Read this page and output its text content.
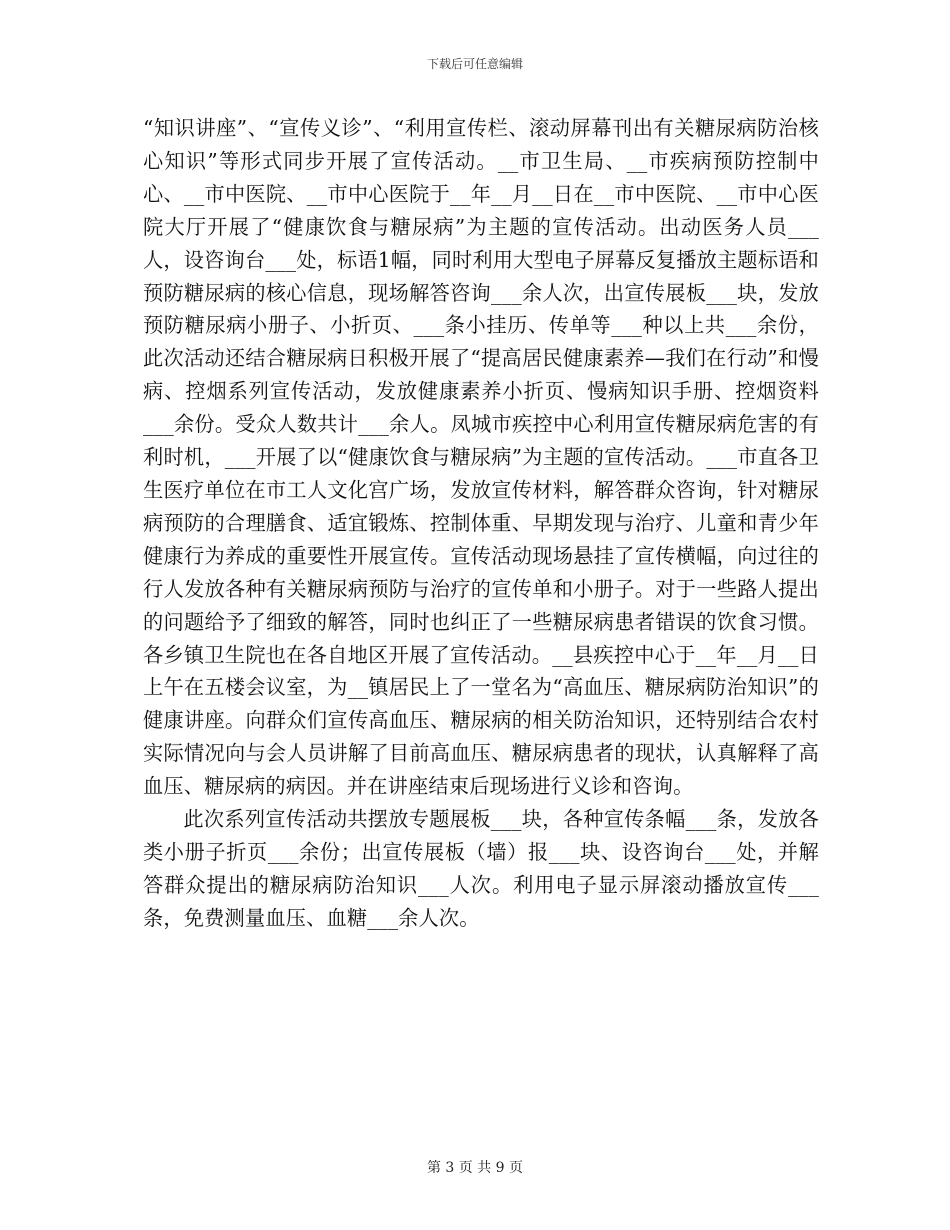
下载后可任意编辑

“知识讲座”、“宣传义诊”、“利用宣传栏、滚动屏幕刊出有关糖尿病防治核心知识”等形式同步开展了宣传活动。__市卫生局、__市疾病预防控制中心、__市中医院、__市中心医院于__年__月__日在__市中医院、__市中心医院大厅开展了“健康饮食与糖尿病”为主题的宣传活动。出动医务人员___人，设咨询台___处，标语1幅，同时利用大型电子屏幕反复播放主题标语和预防糖尿病的核心信息，现场解答咨询___余人次，出宣传展板___块，发放预防糖尿病小册子、小折页、___条小挂历、传单等___种以上共___余份，此次活动还结合糖尿病日积极开展了“提高居民健康素养—我们在行动”和慢病、控烟系列宣传活动，发放健康素养小折页、慢病知识手册、控烟资料___余份。受众人数共计___余人。凤城市疾控中心利用宣传糖尿病危害的有利时机，___开展了以“健康饮食与糖尿病”为主题的宣传活动。___市直各卫生医疗单位在市工人文化宫广场，发放宣传材料，解答群众咨询，针对糖尿病预防的合理膳食、适宜锻炼、控制体重、早期发现与治疗、儿童和青少年健康行为养成的重要性开展宣传。宣传活动现场悬挂了宣传横幅，向过往的行人发放各种有关糖尿病预防与治疗的宣传单和小册子。对于一些路人提出的问题给予了细致的解答，同时也纠正了一些糖尿病患者错误的饮食习惯。各乡镇卫生院也在各自地区开展了宣传活动。__县疾控中心于__年__月__日上午在五楼会议室，为__镇居民上了一堂名为“高血压、糖尿病防治知识”的健康讲座。向群众们宣传高血压、糖尿病的相关防治知识，还特别结合农村实际情况向与会人员讲解了目前高血压、糖尿病患者的现状，认真解释了高血压、糖尿病的病因。并在讲座结束后现场进行义诊和咨询。

此次系列宣传活动共摆放专题展板___块，各种宣传条幅___条，发放各类小册子折页___余份；出宣传展板（墙）报___块、设咨询台___处，并解答群众提出的糖尿病防治知识___人次。利用电子显示屏滚动播放宣传___条，免费测量血压、血糖___余人次。

第 3 页 共 9 页
